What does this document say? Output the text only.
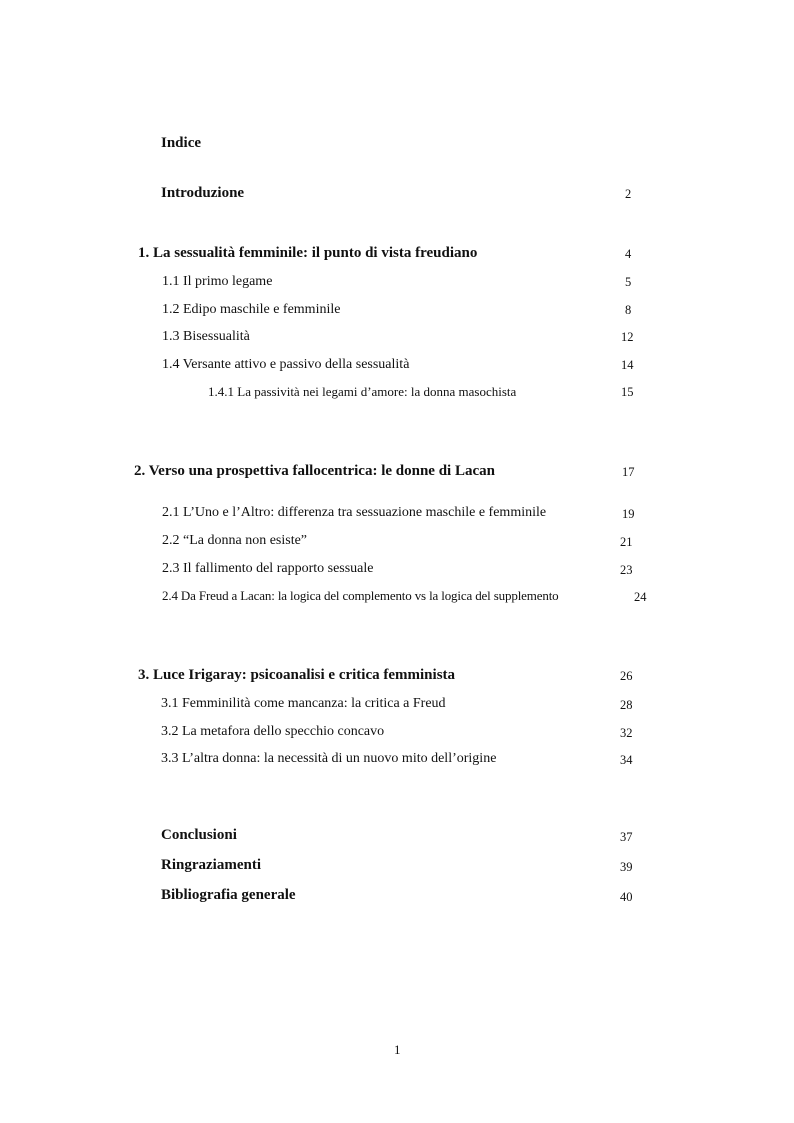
Indice
Introduzione	2
1. La sessualità femminile: il punto di vista freudiano	4
1.1 Il primo legame	5
1.2 Edipo maschile e femminile	8
1.3 Bisessualità	12
1.4 Versante attivo e passivo della sessualità	14
1.4.1 La passività nei legami d’amore: la donna masochista	15
2. Verso una prospettiva fallocentrica: le donne di Lacan	17
2.1 L’Uno e l’Altro: differenza tra sessuazione maschile e femminile	19
2.2 “La donna non esiste”	21
2.3 Il fallimento del rapporto sessuale	23
2.4 Da Freud a Lacan: la logica del complemento vs la logica del supplemento	24
3. Luce Irigaray: psicoanalisi e critica femminista	26
3.1 Femminilità come mancanza: la critica a Freud	28
3.2 La metafora dello specchio concavo	32
3.3 L’altra donna: la necessità di un nuovo mito dell’origine	34
Conclusioni	37
Ringraziamenti	39
Bibliografia generale	40
1
